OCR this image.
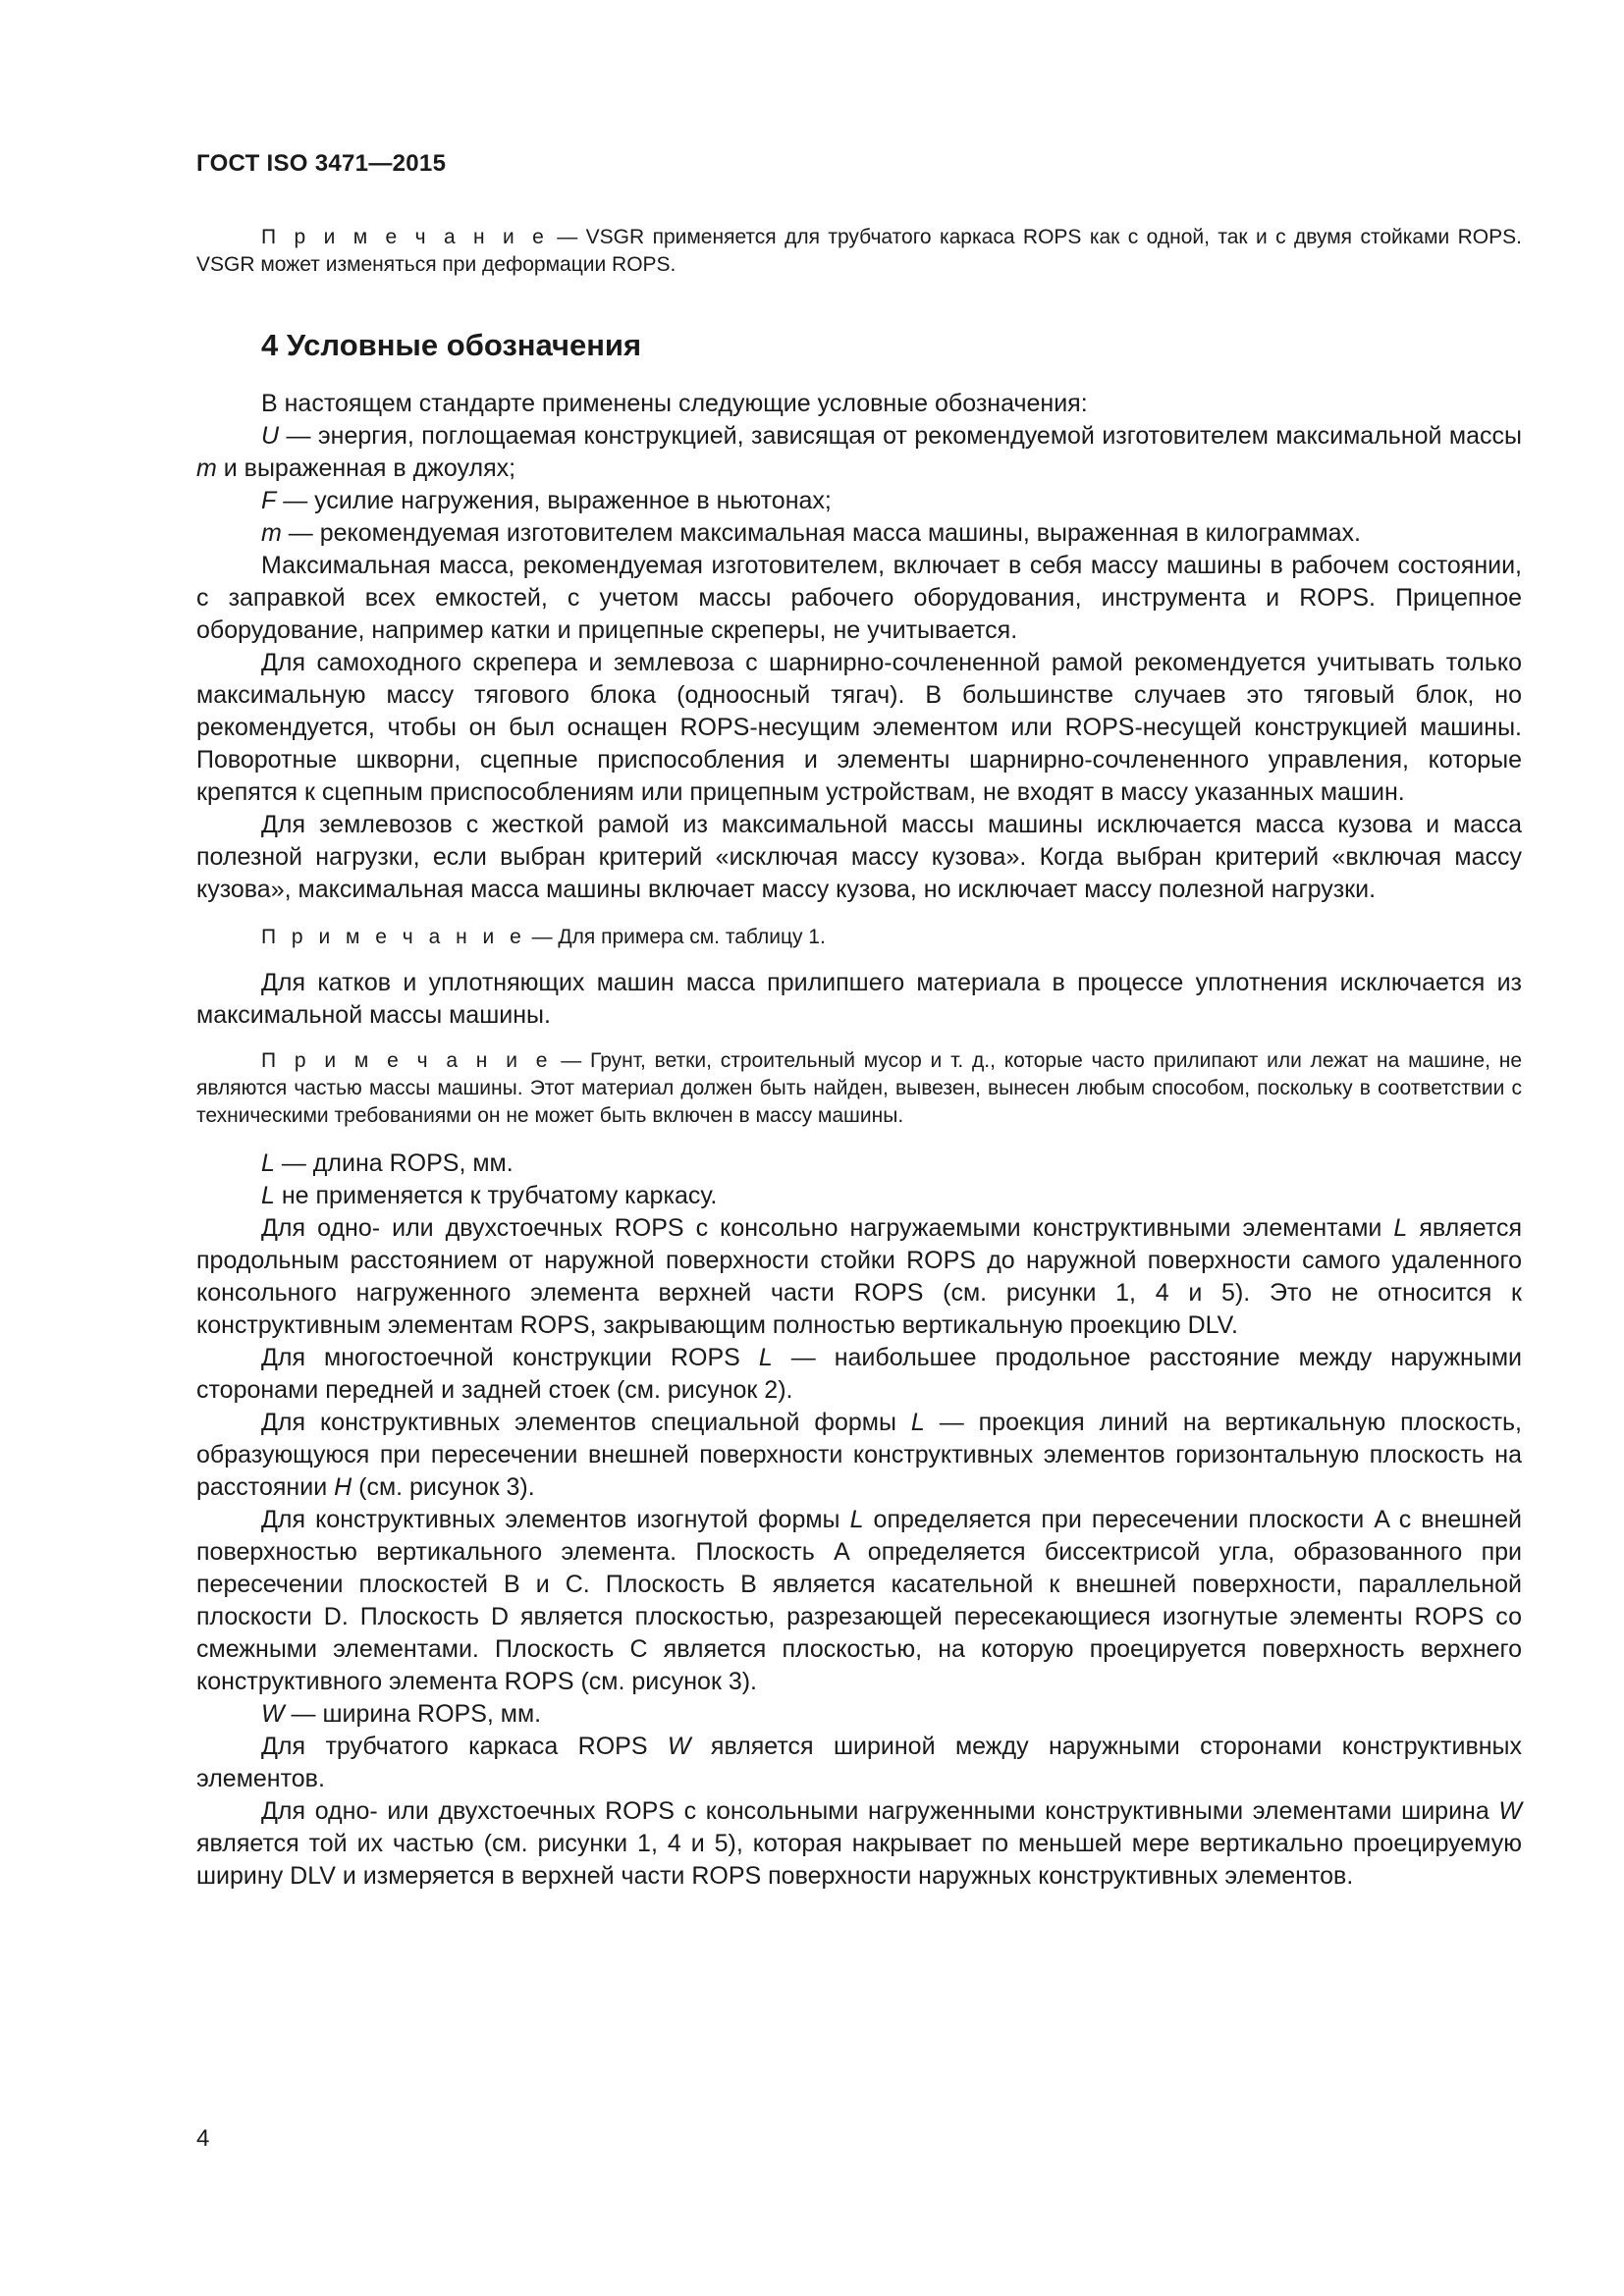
ГОСТ ISO 3471—2015

П р и м е ч а н и е — VSGR применяется для трубчатого каркаса ROPS как с одной, так и с двумя стойками ROPS. VSGR может изменяться при деформации ROPS.

4 Условные обозначения

В настоящем стандарте применены следующие условные обозначения:

U — энергия, поглощаемая конструкцией, зависящая от рекомендуемой изготовителем максимальной массы m и выраженная в джоулях;

F — усилие нагружения, выраженное в ньютонах;

m — рекомендуемая изготовителем максимальная масса машины, выраженная в килограммах.

Максимальная масса, рекомендуемая изготовителем, включает в себя массу машины в рабочем состоянии, с заправкой всех емкостей, с учетом массы рабочего оборудования, инструмента и ROPS. Прицепное оборудование, например катки и прицепные скреперы, не учитывается.

Для самоходного скрепера и землевоза с шарнирно-сочлененной рамой рекомендуется учитывать только максимальную массу тягового блока (одноосный тягач). В большинстве случаев это тяговый блок, но рекомендуется, чтобы он был оснащен ROPS-несущим элементом или ROPS-несущей конструкцией машины. Поворотные шкворни, сцепные приспособления и элементы шарнирно-сочлененного управления, которые крепятся к сцепным приспособлениям или прицепным устройствам, не входят в массу указанных машин.

Для землевозов с жесткой рамой из максимальной массы машины исключается масса кузова и масса полезной нагрузки, если выбран критерий «исключая массу кузова». Когда выбран критерий «включая массу кузова», максимальная масса машины включает массу кузова, но исключает массу полезной нагрузки.

П р и м е ч а н и е — Для примера см. таблицу 1.

Для катков и уплотняющих машин масса прилипшего материала в процессе уплотнения исключается из максимальной массы машины.

П р и м е ч а н и е — Грунт, ветки, строительный мусор и т. д., которые часто прилипают или лежат на машине, не являются частью массы машины. Этот материал должен быть найден, вывезен, вынесен любым способом, поскольку в соответствии с техническими требованиями он не может быть включен в массу машины.

L — длина ROPS, мм.

L не применяется к трубчатому каркасу.

Для одно- или двухстоечных ROPS с консольно нагружаемыми конструктивными элементами L является продольным расстоянием от наружной поверхности стойки ROPS до наружной поверхности самого удаленного консольного нагруженного элемента верхней части ROPS (см. рисунки 1, 4 и 5). Это не относится к конструктивным элементам ROPS, закрывающим полностью вертикальную проекцию DLV.

Для многостоечной конструкции ROPS L — наибольшее продольное расстояние между наружными сторонами передней и задней стоек (см. рисунок 2).

Для конструктивных элементов специальной формы L — проекция линий на вертикальную плоскость, образующуюся при пересечении внешней поверхности конструктивных элементов горизонтальную плоскость на расстоянии H (см. рисунок 3).

Для конструктивных элементов изогнутой формы L определяется при пересечении плоскости A с внешней поверхностью вертикального элемента. Плоскость A определяется биссектрисой угла, образованного при пересечении плоскостей B и C. Плоскость B является касательной к внешней поверхности, параллельной плоскости D. Плоскость D является плоскостью, разрезающей пересекающиеся изогнутые элементы ROPS со смежными элементами. Плоскость C является плоскостью, на которую проецируется поверхность верхнего конструктивного элемента ROPS (см. рисунок 3).

W — ширина ROPS, мм.

Для трубчатого каркаса ROPS W является шириной между наружными сторонами конструктивных элементов.

Для одно- или двухстоечных ROPS с консольными нагруженными конструктивными элементами ширина W является той их частью (см. рисунки 1, 4 и 5), которая накрывает по меньшей мере вертикально проецируемую ширину DLV и измеряется в верхней части ROPS поверхности наружных конструктивных элементов.

4
